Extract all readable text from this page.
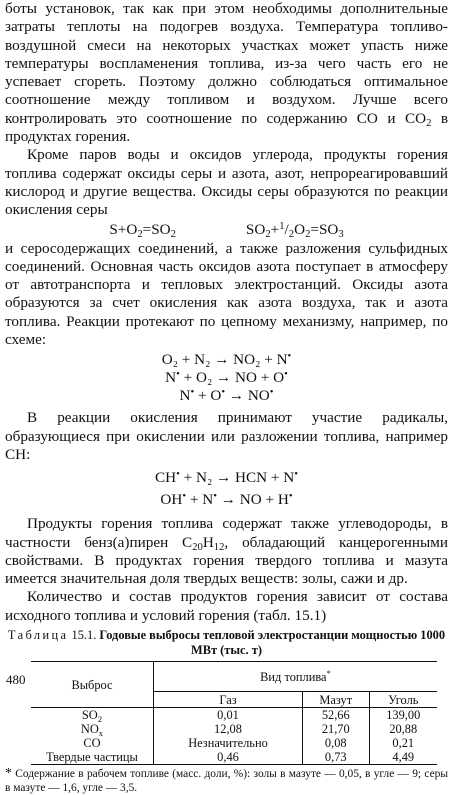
боты установок, так как при этом необходимы дополнительные затраты теплоты на подогрев воздуха. Температура топливо-воздушной смеси на некоторых участках может упасть ниже температуры воспламенения топлива, из-за чего часть его не успевает сгореть. Поэтому должно соблюдаться оптимальное соотношение между топливом и воздухом. Лучше всего контролировать это соотношение по содержанию CO и $CO_2$ в продуктах горения.

Кроме паров воды и оксидов углерода, продукты горения топлива содержат оксиды серы и азота, азот, непрореагировавший кислород и другие вещества. Оксиды серы образуются по реакции окисления серы

$S+O_2=SO_2$	$SO_2+^1/_2O_2=SO_3$

и серосодержащих соединений, а также разложения сульфидных соединений. Основная часть оксидов азота поступает в атмосферу от автотранспорта и тепловых электростанций. Оксиды азота образуются за счет окисления как азота воздуха, так и азота топлива. Реакции протекают по цепному механизму, например, по схеме:

O₂ + N₂ → NO₂ + N•
N• + O₂ → NO + O•
N• + O• → NO•

В реакции окисления принимают участие радикалы, образующиеся при окислении или разложении топлива, например CH:

CH• + N₂ → HCN + N•
OH• + N• → NO + H•

Продукты горения топлива содержат также углеводороды, в частности бенз(а)пирен $C_{20}H_{12}$, обладающий канцерогенными свойствами. В продуктах горения твердого топлива и мазута имеется значительная доля твердых веществ: золы, сажи и др.

Количество и состав продуктов горения зависит от состава исходного топлива и условий горения (табл. 15.1)

Таблица 15.1. Годовые выбросы тепловой электростанции мощностью 1000 МВт (тыс. т)
Выброс	Вид топлива*
	Газ	Мазут	Уголь
$SO_2$	0,01	52,66	139,00
$NO_x$	12,08	21,70	20,88
CO	Незначительно	0,08	0,21
Твердые частицы	0,46	0,73	4,49
* Содержание в рабочем топливе (масс. доли, %): золы в мазуте — 0,05, в угле — 9; серы в мазуте — 1,6, угле — 3,5.
480
